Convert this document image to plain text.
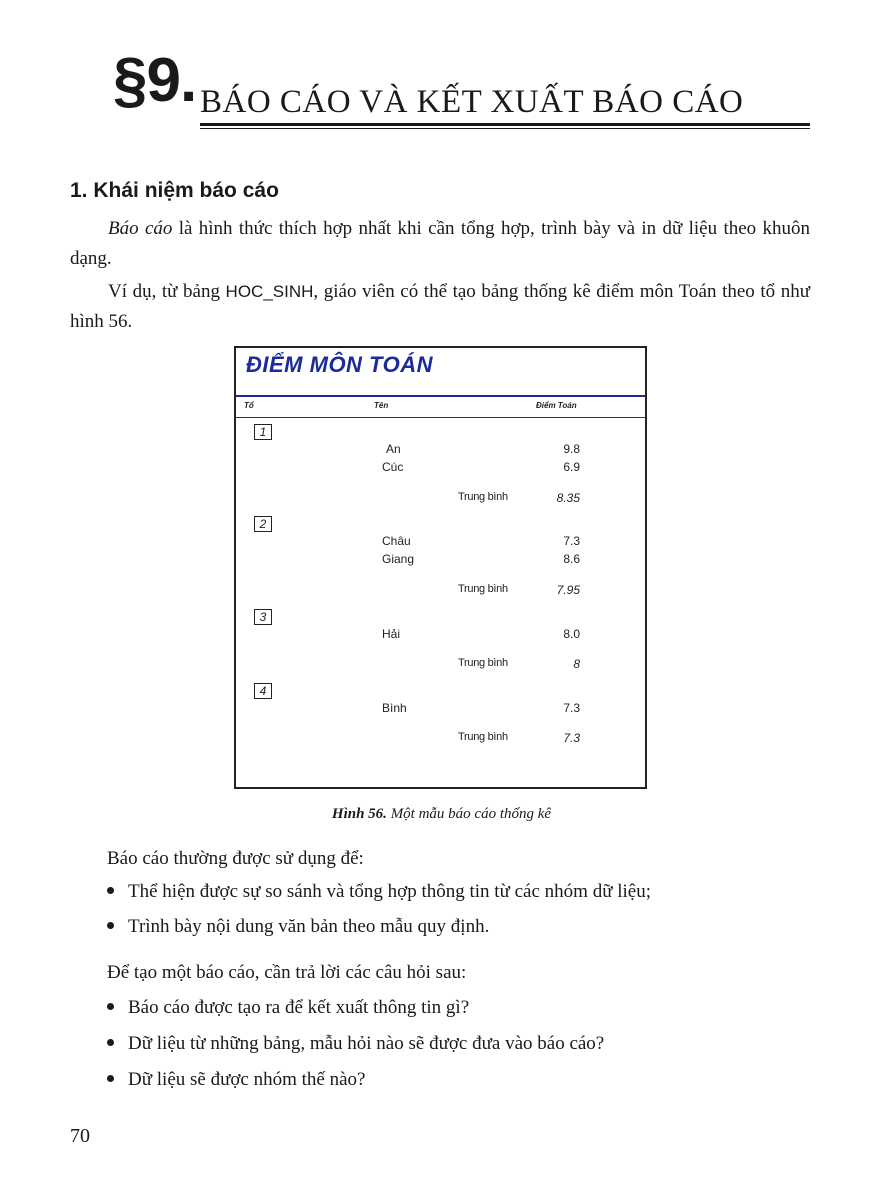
§9. BÁO CÁO VÀ KẾT XUẤT BÁO CÁO
1. Khái niệm báo cáo
Báo cáo là hình thức thích hợp nhất khi cần tổng hợp, trình bày và in dữ liệu theo khuôn dạng.
Ví dụ, từ bảng HOC_SINH, giáo viên có thể tạo bảng thống kê điểm môn Toán theo tổ như hình 56.
ĐIỂM MÔN TOÁN
Tổ	Tên	Điểm Toán
1
An	9.8
Cúc	6.9
Trung bình	8.35
2
Châu	7.3
Giang	8.6
Trung bình	7.95
3
Hải	8.0
Trung bình	8
4
Bình	7.3
Trung bình	7.3
Hình 56. Một mẫu báo cáo thống kê
Báo cáo thường được sử dụng để:
Thể hiện được sự so sánh và tổng hợp thông tin từ các nhóm dữ liệu;
Trình bày nội dung văn bản theo mẫu quy định.
Để tạo một báo cáo, cần trả lời các câu hỏi sau:
Báo cáo được tạo ra để kết xuất thông tin gì?
Dữ liệu từ những bảng, mẫu hỏi nào sẽ được đưa vào báo cáo?
Dữ liệu sẽ được nhóm thế nào?
70
